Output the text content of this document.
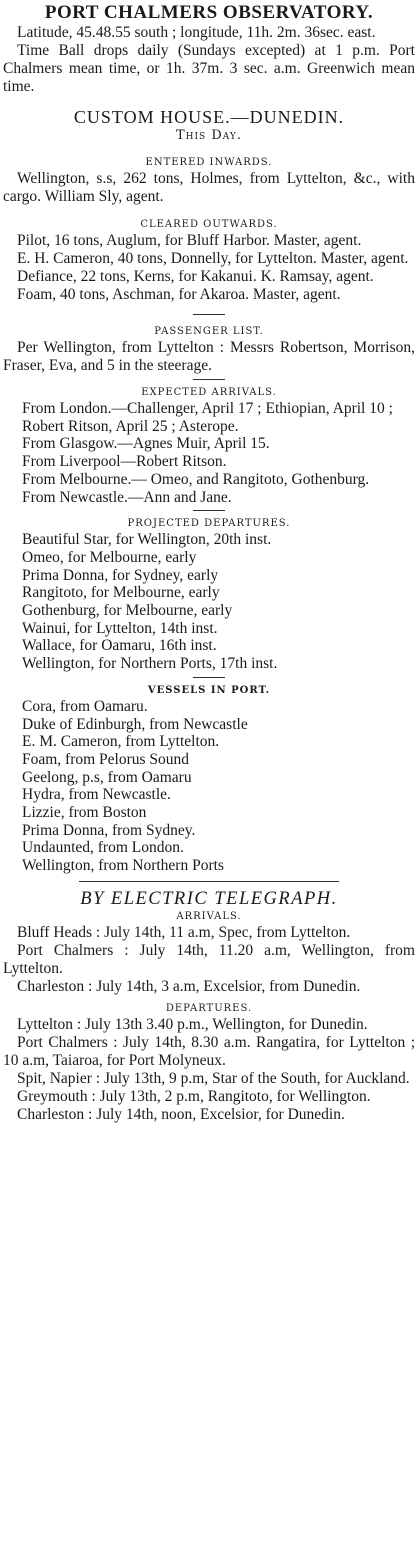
PORT CHALMERS OBSERVATORY.

Latitude, 45.48.55 south ; longitude, 11h. 2m. 36sec. east.

Time Ball drops daily (Sundays excepted) at 1 p.m. Port Chalmers mean time, or 1h. 37m. 3 sec. a.m. Greenwich mean time.

CUSTOM HOUSE.—DUNEDIN.
This Day.
ENTERED INWARDS.

Wellington, s.s, 262 tons, Holmes, from Lyttelton, &c., with cargo. William Sly, agent.

CLEARED OUTWARDS.

Pilot, 16 tons, Auglum, for Bluff Harbor. Master, agent.

E. H. Cameron, 40 tons, Donnelly, for Lyttelton. Master, agent.

Defiance, 22 tons, Kerns, for Kakanui. K. Ramsay, agent.

Foam, 40 tons, Aschman, for Akaroa. Master, agent.

PASSENGER LIST.

Per Wellington, from Lyttelton : Messrs Robertson, Morrison, Fraser, Eva, and 5 in the steerage.

EXPECTED ARRIVALS.
From London.—Challenger, April 17 ; Ethiopian, April 10 ; Robert Ritson, April 25 ; Asterope.
From Glasgow.—Agnes Muir, April 15.
From Liverpool—Robert Ritson.
From Melbourne.— Omeo, and Rangitoto, Gothenburg.
From Newcastle.—Ann and Jane.
PROJECTED DEPARTURES.
Beautiful Star, for Wellington, 20th inst.
Omeo, for Melbourne, early
Prima Donna, for Sydney, early
Rangitoto, for Melbourne, early
Gothenburg, for Melbourne, early
Wainui, for Lyttelton, 14th inst.
Wallace, for Oamaru, 16th inst.
Wellington, for Northern Ports, 17th inst.
VESSELS IN PORT.
Cora, from Oamaru.
Duke of Edinburgh, from Newcastle
E. M. Cameron, from Lyttelton.
Foam, from Pelorus Sound
Geelong, p.s, from Oamaru
Hydra, from Newcastle.
Lizzie, from Boston
Prima Donna, from Sydney.
Undaunted, from London.
Wellington, from Northern Ports
BY ELECTRIC TELEGRAPH.
ARRIVALS.

Bluff Heads : July 14th, 11 a.m, Spec, from Lyttelton.

Port Chalmers : July 14th, 11.20 a.m, Wellington, from Lyttelton.

Charleston : July 14th, 3 a.m, Excelsior, from Dunedin.

DEPARTURES.

Lyttelton : July 13th 3.40 p.m., Wellington, for Dunedin.

Port Chalmers : July 14th, 8.30 a.m. Rangatira, for Lyttelton ; 10 a.m, Taiaroa, for Port Molyneux.

Spit, Napier : July 13th, 9 p.m, Star of the South, for Auckland.

Greymouth : July 13th, 2 p.m, Rangitoto, for Wellington.

Charleston : July 14th, noon, Excelsior, for Dunedin.
